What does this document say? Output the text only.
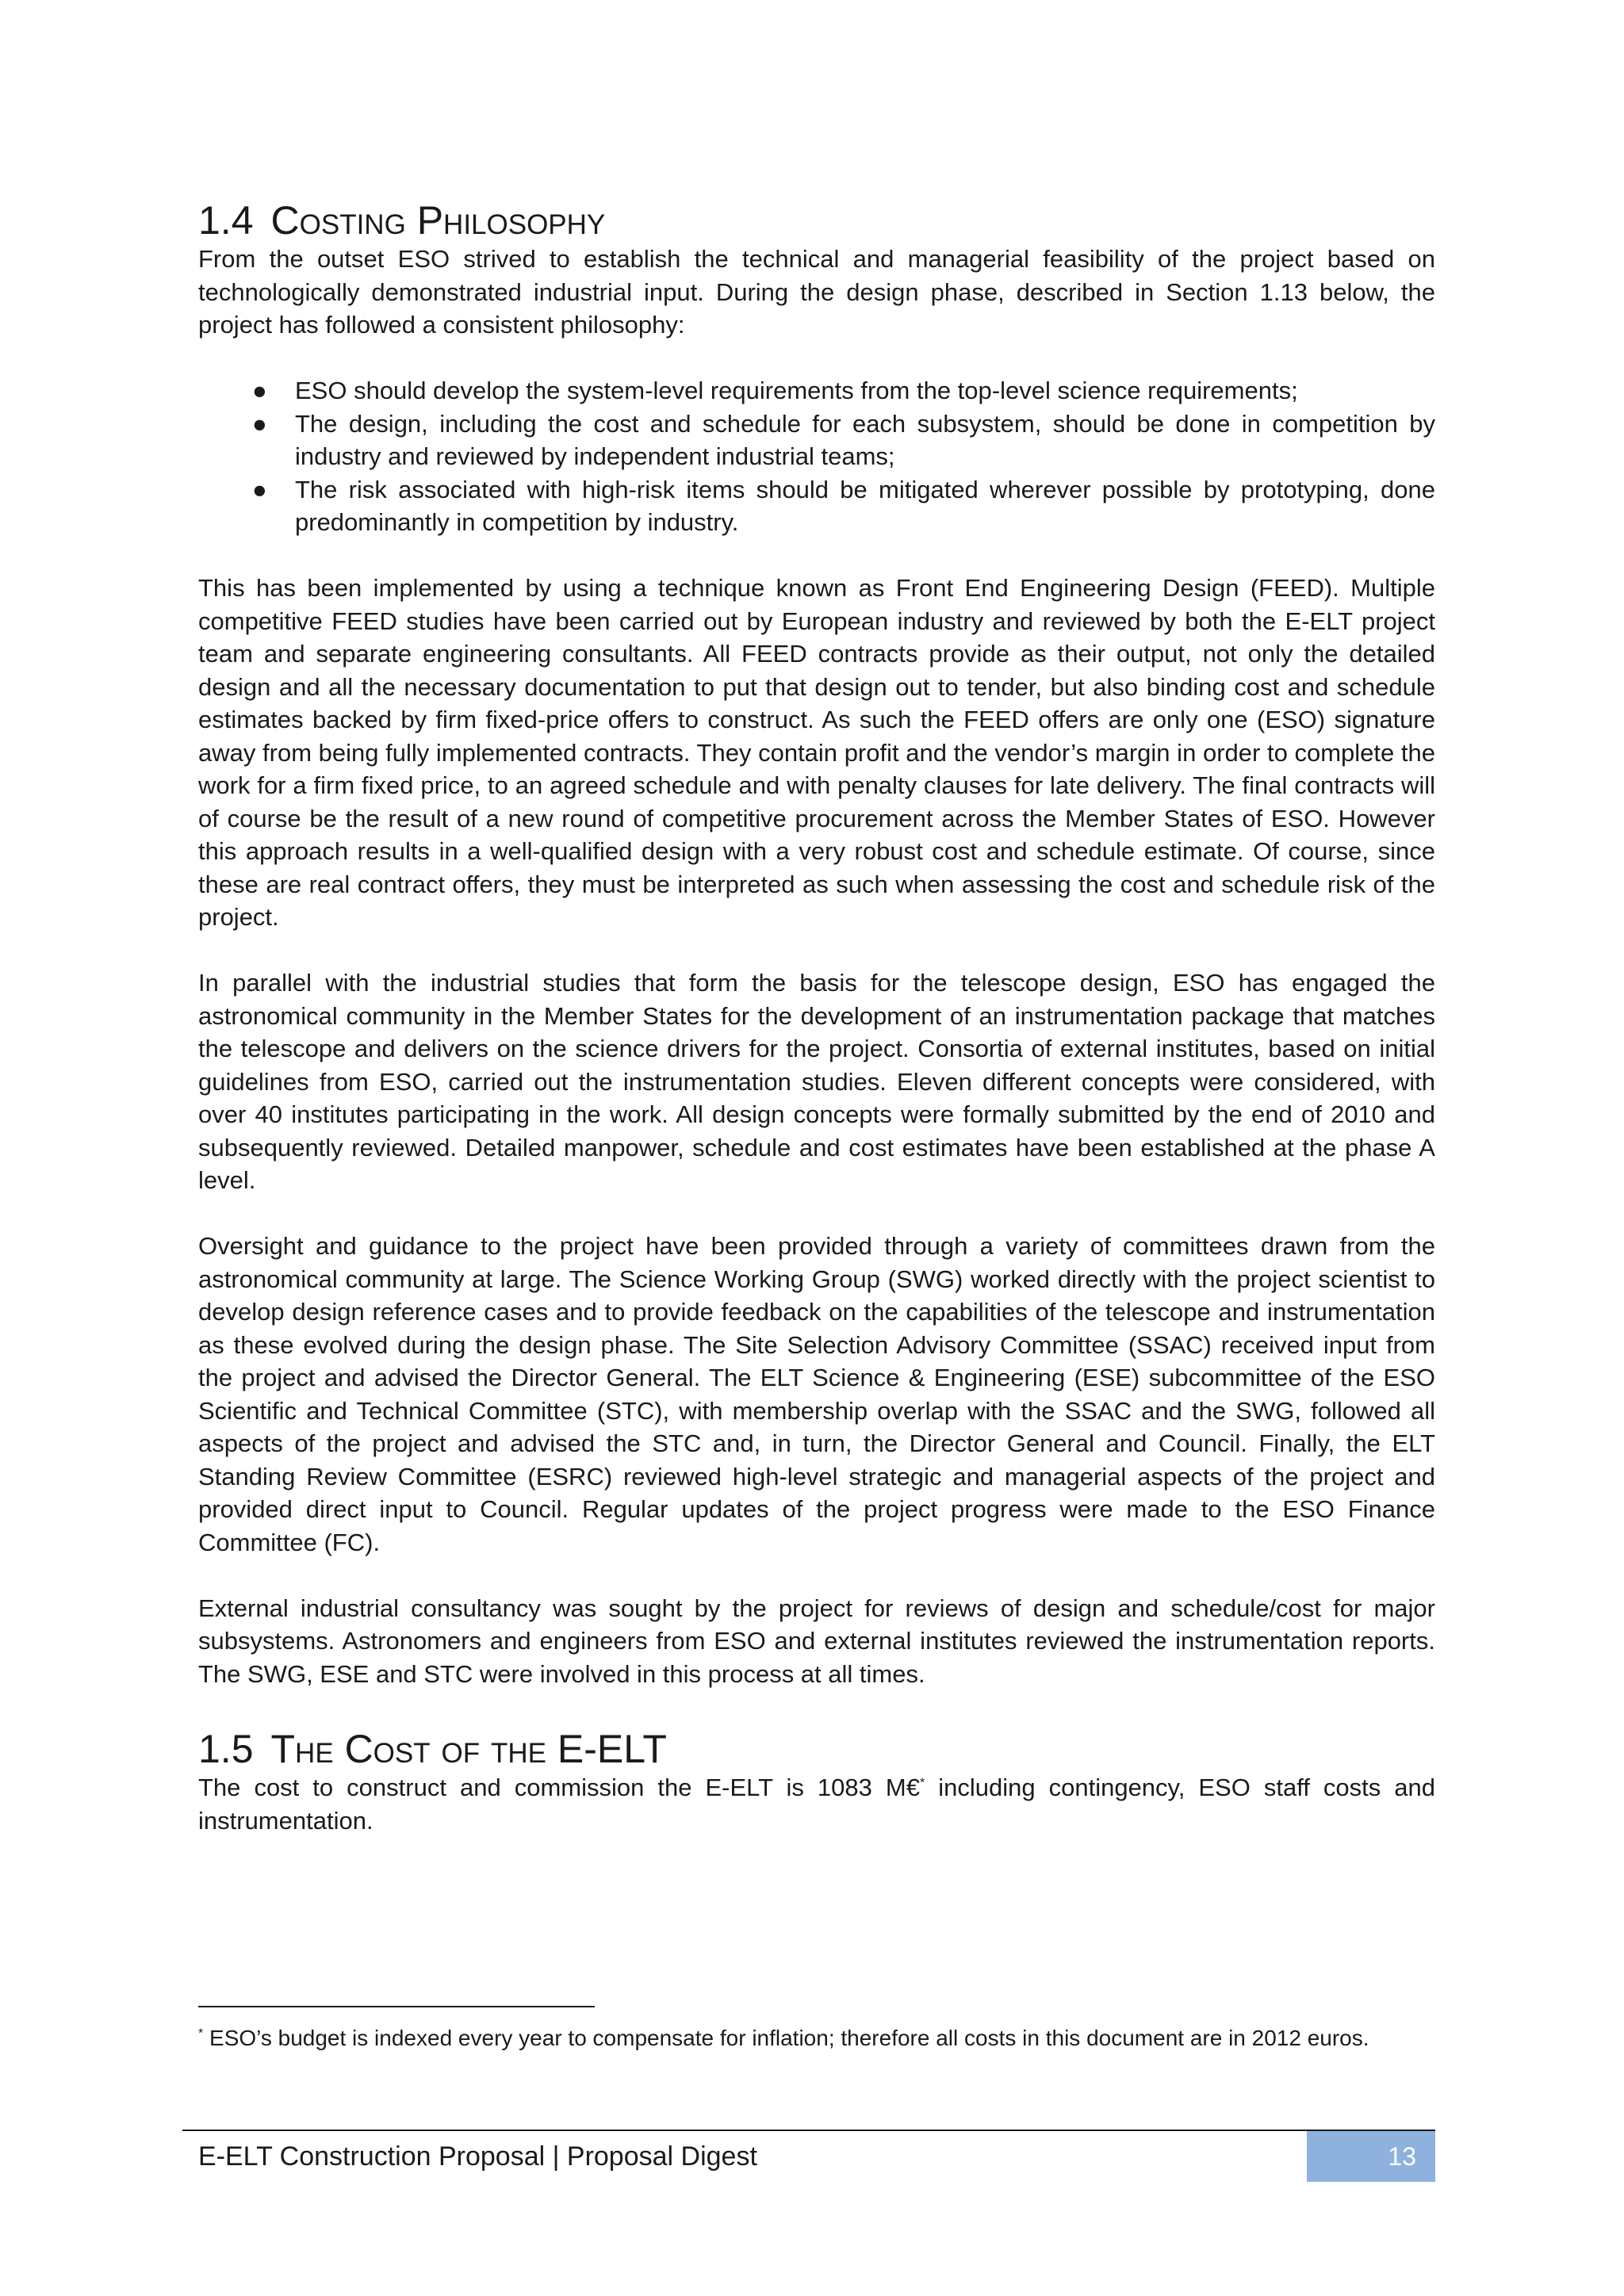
1.4 Costing Philosophy

From the outset ESO strived to establish the technical and managerial feasibility of the project based on technologically demonstrated industrial input. During the design phase, described in Section 1.13 below, the project has followed a consistent philosophy:

● ESO should develop the system-level requirements from the top-level science requirements;
● The design, including the cost and schedule for each subsystem, should be done in competition by industry and reviewed by independent industrial teams;
● The risk associated with high-risk items should be mitigated wherever possible by prototyping, done predominantly in competition by industry.

This has been implemented by using a technique known as Front End Engineering Design (FEED). Multiple competitive FEED studies have been carried out by European industry and reviewed by both the E-ELT project team and separate engineering consultants. All FEED contracts provide as their output, not only the detailed design and all the necessary documentation to put that design out to tender, but also binding cost and schedule estimates backed by firm fixed-price offers to construct. As such the FEED offers are only one (ESO) signature away from being fully implemented contracts. They contain profit and the vendor’s margin in order to complete the work for a firm fixed price, to an agreed schedule and with penalty clauses for late delivery. The final contracts will of course be the result of a new round of competitive procurement across the Member States of ESO. However this approach results in a well-qualified design with a very robust cost and schedule estimate. Of course, since these are real contract offers, they must be interpreted as such when assessing the cost and schedule risk of the project.

In parallel with the industrial studies that form the basis for the telescope design, ESO has engaged the astronomical community in the Member States for the development of an instrumentation package that matches the telescope and delivers on the science drivers for the project. Consortia of external institutes, based on initial guidelines from ESO, carried out the instrumentation studies. Eleven different concepts were considered, with over 40 institutes participating in the work. All design concepts were formally submitted by the end of 2010 and subsequently reviewed. Detailed manpower, schedule and cost estimates have been established at the phase A level.

Oversight and guidance to the project have been provided through a variety of committees drawn from the astronomical community at large. The Science Working Group (SWG) worked directly with the project scientist to develop design reference cases and to provide feedback on the capabilities of the telescope and instrumentation as these evolved during the design phase. The Site Selection Advisory Committee (SSAC) received input from the project and advised the Director General. The ELT Science & Engineering (ESE) subcommittee of the ESO Scientific and Technical Committee (STC), with membership overlap with the SSAC and the SWG, followed all aspects of the project and advised the STC and, in turn, the Director General and Council. Finally, the ELT Standing Review Committee (ESRC) reviewed high-level strategic and managerial aspects of the project and provided direct input to Council. Regular updates of the project progress were made to the ESO Finance Committee (FC).

External industrial consultancy was sought by the project for reviews of design and schedule/cost for major subsystems. Astronomers and engineers from ESO and external institutes reviewed the instrumentation reports. The SWG, ESE and STC were involved in this process at all times.

1.5 The Cost of the E-ELT

The cost to construct and commission the E-ELT is 1083 M€* including contingency, ESO staff costs and instrumentation.

* ESO’s budget is indexed every year to compensate for inflation; therefore all costs in this document are in 2012 euros.
E-ELT Construction Proposal | Proposal Digest	13
